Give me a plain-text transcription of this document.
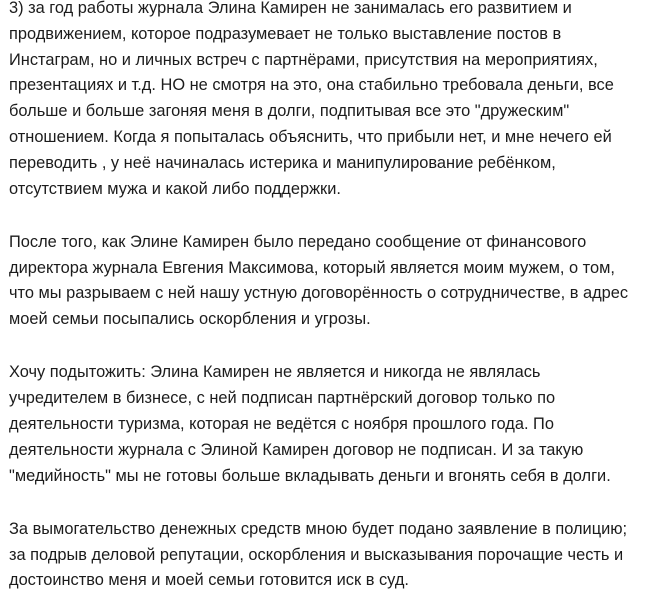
3) за год работы журнала Элина Камирен не занималась его развитием и
продвижением, которое подразумевает не только выставление постов в
Инстаграм, но и личных встреч с партнёрами, присутствия на мероприятиях,
презентациях и т.д. НО не смотря на это, она стабильно требовала деньги, все
больше и больше загоняя меня в долги, подпитывая все это "дружеским"
отношением. Когда я попыталась объяснить, что прибыли нет, и мне нечего ей
переводить , у неё начиналась истерика и манипулирование ребёнком,
отсутствием мужа и какой либо поддержки.

После того, как Элине Камирен было передано сообщение от финансового
директора журнала Евгения Максимова, который является моим мужем, о том,
что мы разрываем с ней нашу устную договорённость о сотрудничестве, в адрес
моей семьи посыпались оскорбления и угрозы.

Хочу подытожить: Элина Камирен не является и никогда не являлась
учредителем в бизнесе, с ней подписан партнёрский договор только по
деятельности туризма, которая не ведётся с ноября прошлого года. По
деятельности журнала с Элиной Камирен договор не подписан. И за такую
"медийность" мы не готовы больше вкладывать деньги и вгонять себя в долги.

За вымогательство денежных средств мною будет подано заявление в полицию;
за подрыв деловой репутации, оскорбления и высказывания порочащие честь и
достоинство меня и моей семьи готовится иск в суд.
